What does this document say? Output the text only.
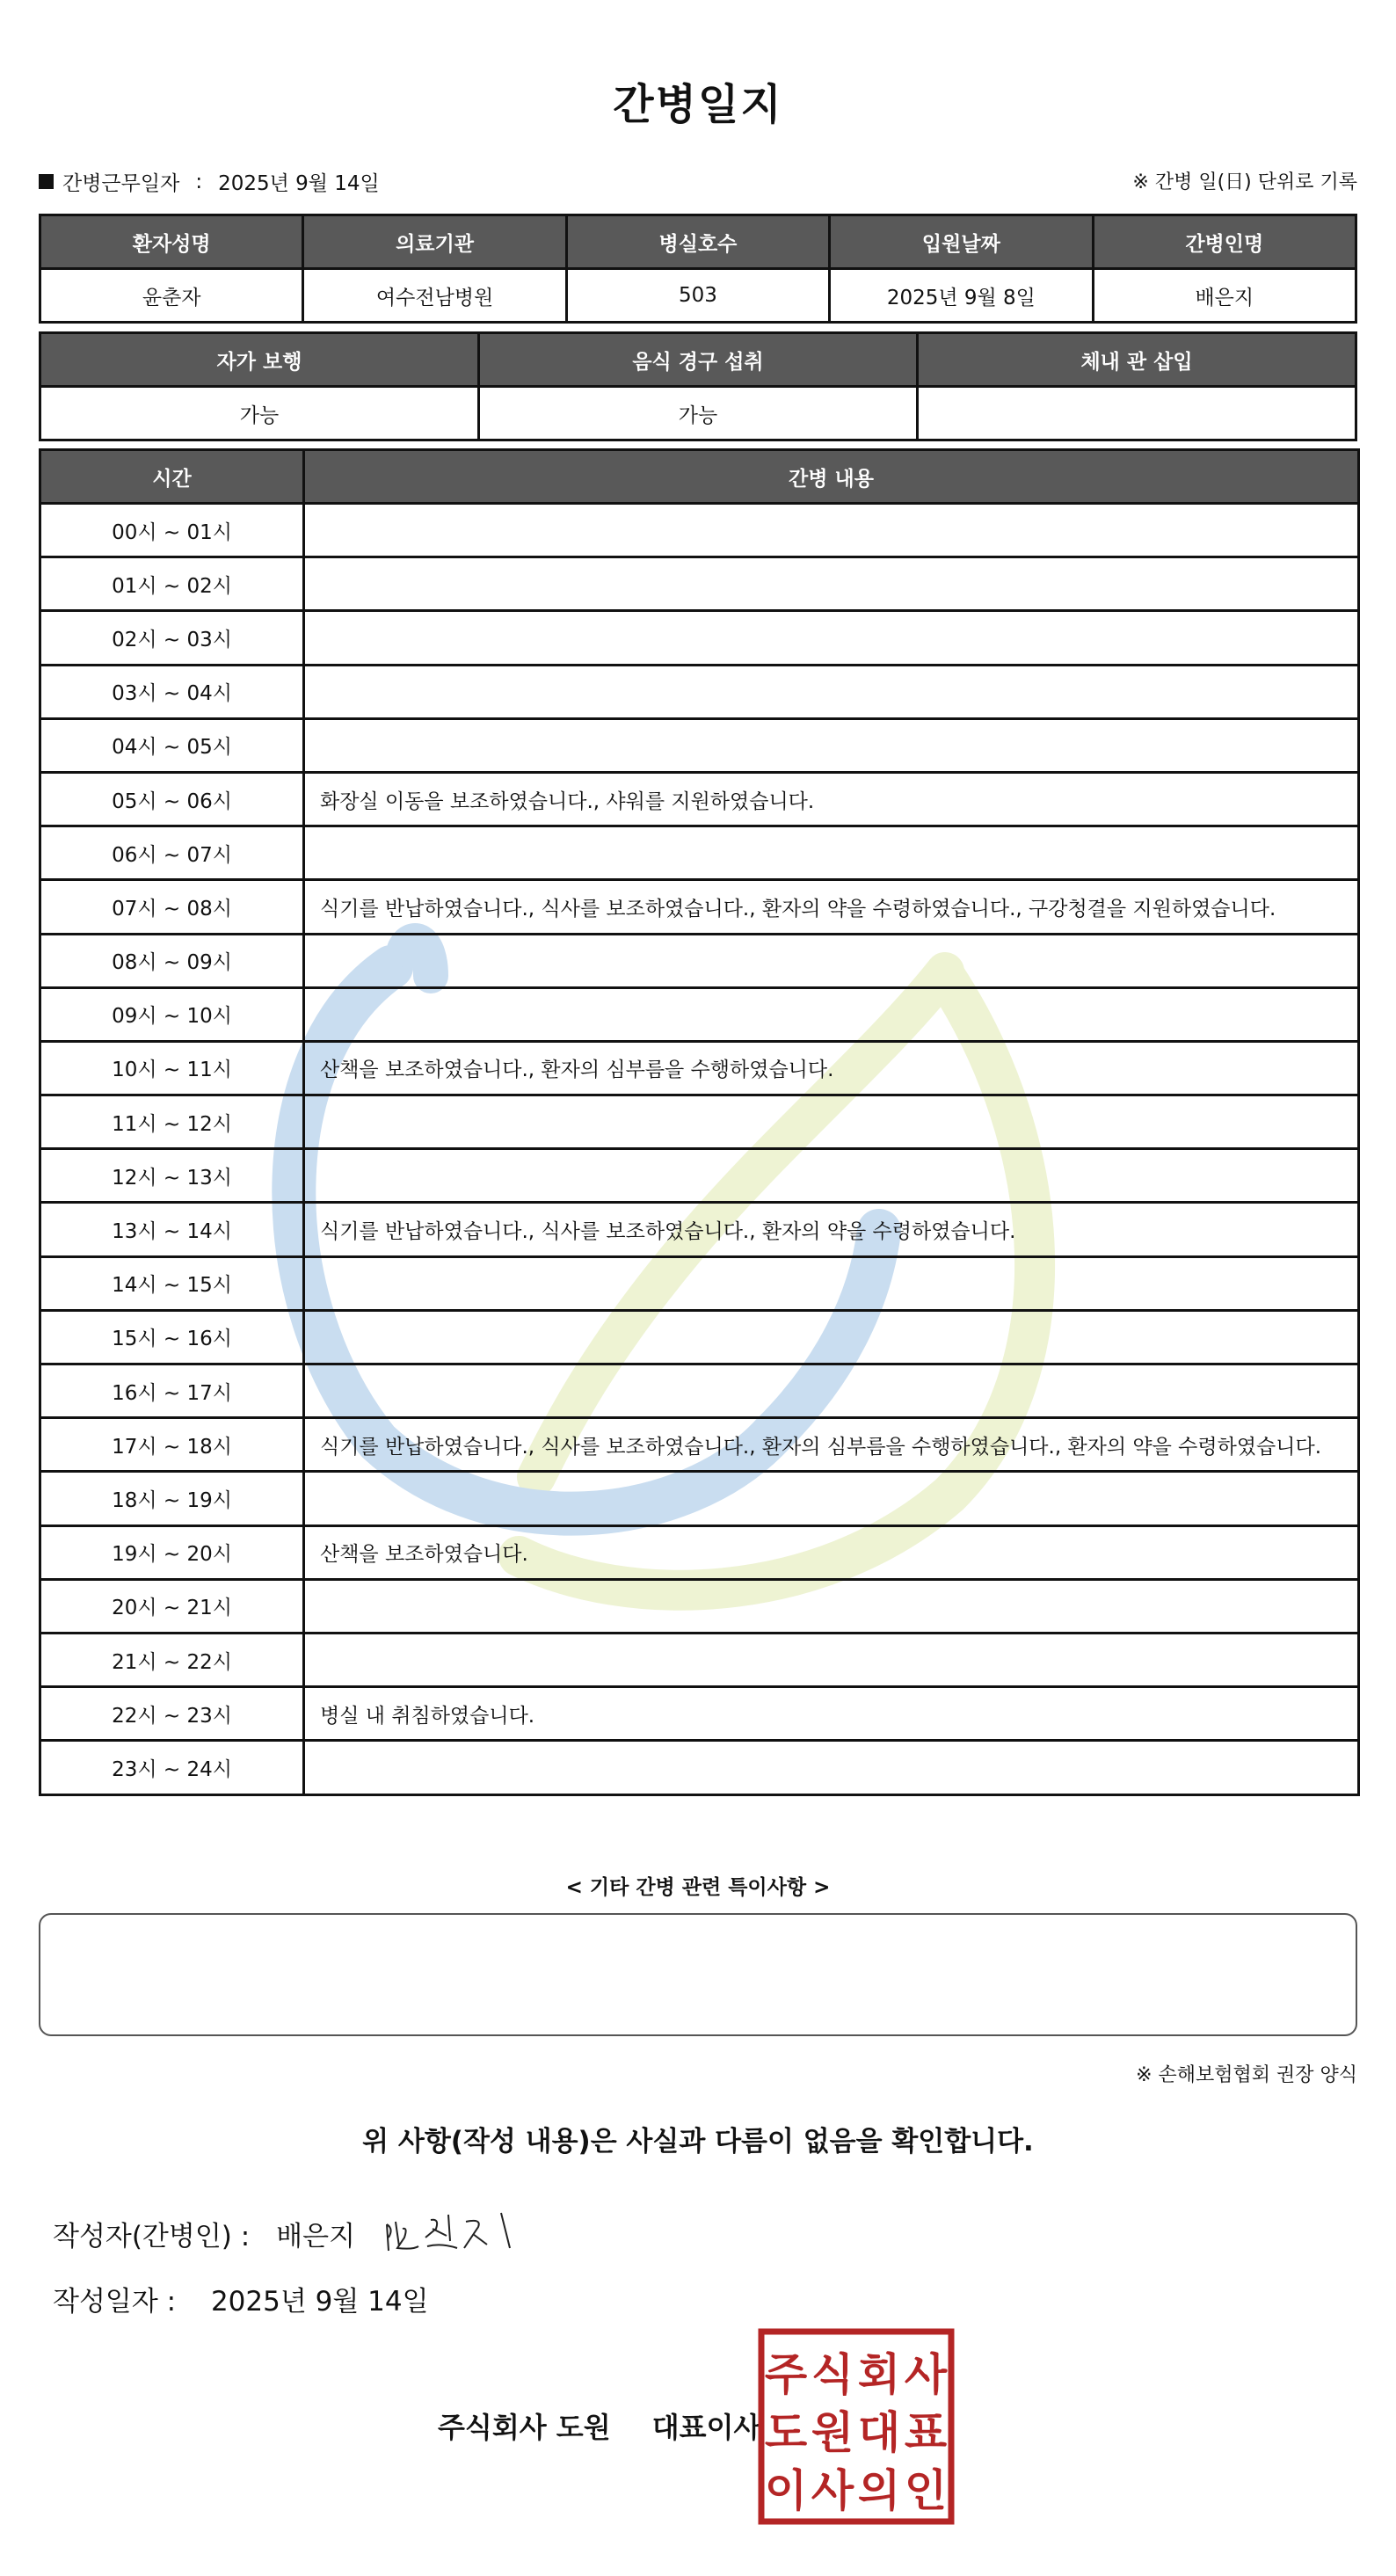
간병일지
간병근무일자 : 2025년 9월 14일	※ 간병 일(日) 단위로 기록
환자성명	의료기관	병실호수	입원날짜	간병인명
윤춘자	여수전남병원	503	2025년 9월 8일	배은지
자가 보행	음식 경구 섭취	체내 관 삽입
가능	가능	
시간	간병 내용
00시 ~ 01시	
01시 ~ 02시	
02시 ~ 03시	
03시 ~ 04시	
04시 ~ 05시	
05시 ~ 06시	화장실 이동을 보조하였습니다., 샤워를 지원하였습니다.
06시 ~ 07시	
07시 ~ 08시	식기를 반납하였습니다., 식사를 보조하였습니다., 환자의 약을 수령하였습니다., 구강청결을 지원하였습니다.
08시 ~ 09시	
09시 ~ 10시	
10시 ~ 11시	산책을 보조하였습니다., 환자의 심부름을 수행하였습니다.
11시 ~ 12시	
12시 ~ 13시	
13시 ~ 14시	식기를 반납하였습니다., 식사를 보조하였습니다., 환자의 약을 수령하였습니다.
14시 ~ 15시	
15시 ~ 16시	
16시 ~ 17시	
17시 ~ 18시	식기를 반납하였습니다., 식사를 보조하였습니다., 환자의 심부름을 수행하였습니다., 환자의 약을 수령하였습니다.
18시 ~ 19시	
19시 ~ 20시	산책을 보조하였습니다.
20시 ~ 21시	
21시 ~ 22시	
22시 ~ 23시	병실 내 취침하였습니다.
23시 ~ 24시	
< 기타 간병 관련 특이사항 >
※ 손해보험협회 권장 양식
위 사항(작성 내용)은 사실과 다름이 없음을 확인합니다.
작성자(간병인) : 배은지
작성일자 : 2025년 9월 14일
주식회사 도원 대표이사
주 식 회 사
도 원 대 표
이 사 의 인
